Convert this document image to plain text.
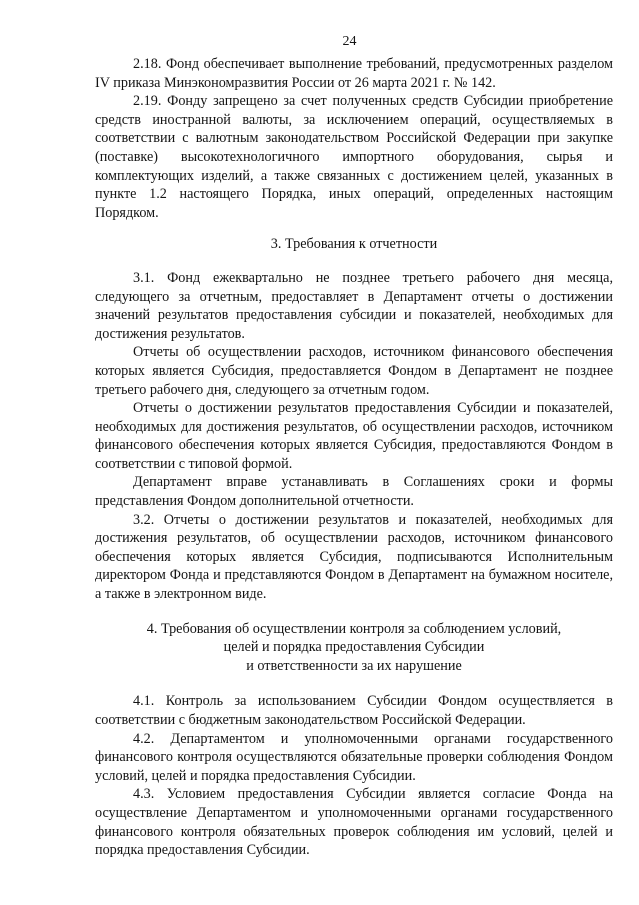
24

2.18. Фонд обеспечивает выполнение требований, предусмотренных разделом IV приказа Минэкономразвития России от 26 марта 2021 г. № 142.

2.19. Фонду запрещено за счет полученных средств Субсидии приобретение средств иностранной валюты, за исключением операций, осуществляемых в соответствии с валютным законодательством Российской Федерации при закупке (поставке) высокотехнологичного импортного оборудования, сырья и комплектующих изделий, а также связанных с достижением целей, указанных в пункте 1.2 настоящего Порядка, иных операций, определенных настоящим Порядком.

3. Требования к отчетности

3.1. Фонд ежеквартально не позднее третьего рабочего дня месяца, следующего за отчетным, предоставляет в Департамент отчеты о достижении значений результатов предоставления субсидии и показателей, необходимых для достижения результатов.

Отчеты об осуществлении расходов, источником финансового обеспечения которых является Субсидия, предоставляется Фондом в Департамент не позднее третьего рабочего дня, следующего за отчетным годом.

Отчеты о достижении результатов предоставления Субсидии и показателей, необходимых для достижения результатов, об осуществлении расходов, источником финансового обеспечения которых является Субсидия, предоставляются Фондом в соответствии с типовой формой.

Департамент вправе устанавливать в Соглашениях сроки и формы представления Фондом дополнительной отчетности.

3.2. Отчеты о достижении результатов и показателей, необходимых для достижения результатов, об осуществлении расходов, источником финансового обеспечения которых является Субсидия, подписываются Исполнительным директором Фонда и представляются Фондом в Департамент на бумажном носителе, а также в электронном виде.

4. Требования об осуществлении контроля за соблюдением условий,
целей и порядка предоставления Субсидии
и ответственности за их нарушение

4.1. Контроль за использованием Субсидии Фондом осуществляется в соответствии с бюджетным законодательством Российской Федерации.

4.2. Департаментом и уполномоченными органами государственного финансового контроля осуществляются обязательные проверки соблюдения Фондом условий, целей и порядка предоставления Субсидии.

4.3. Условием предоставления Субсидии является согласие Фонда на осуществление Департаментом и уполномоченными органами государственного финансового контроля обязательных проверок соблюдения им условий, целей и порядка предоставления Субсидии.
